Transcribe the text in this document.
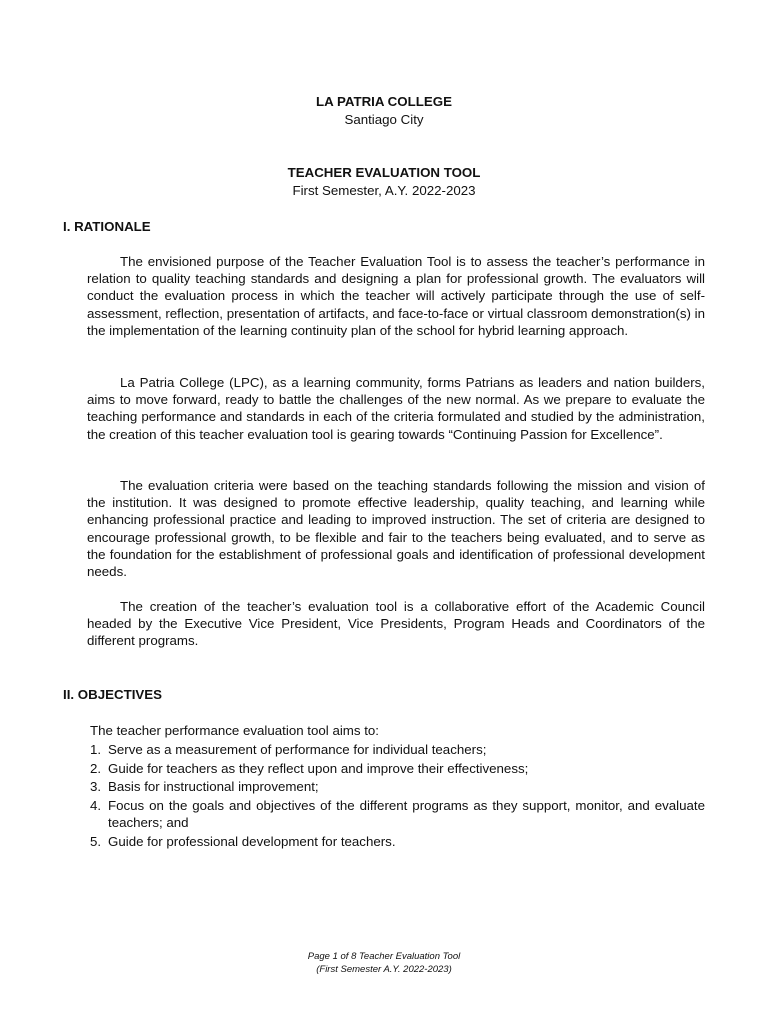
LA PATRIA COLLEGE
Santiago City
TEACHER EVALUATION TOOL
First Semester, A.Y. 2022-2023
I. RATIONALE
The envisioned purpose of the Teacher Evaluation Tool is to assess the teacher’s performance in relation to quality teaching standards and designing a plan for professional growth. The evaluators will conduct the evaluation process in which the teacher will actively participate through the use of self-assessment, reflection, presentation of artifacts, and face-to-face or virtual classroom demonstration(s) in the implementation of the learning continuity plan of the school for hybrid learning approach.
La Patria College (LPC), as a learning community, forms Patrians as leaders and nation builders, aims to move forward, ready to battle the challenges of the new normal. As we prepare to evaluate the teaching performance and standards in each of the criteria formulated and studied by the administration, the creation of this teacher evaluation tool is gearing towards “Continuing Passion for Excellence”.
The evaluation criteria were based on the teaching standards following the mission and vision of the institution. It was designed to promote effective leadership, quality teaching, and learning while enhancing professional practice and leading to improved instruction. The set of criteria are designed to encourage professional growth, to be flexible and fair to the teachers being evaluated, and to serve as the foundation for the establishment of professional goals and identification of professional development needs.
The creation of the teacher’s evaluation tool is a collaborative effort of the Academic Council headed by the Executive Vice President, Vice Presidents, Program Heads and Coordinators of the different programs.
II. OBJECTIVES
The teacher performance evaluation tool aims to:
1. Serve as a measurement of performance for individual teachers;
2. Guide for teachers as they reflect upon and improve their effectiveness;
3. Basis for instructional improvement;
4. Focus on the goals and objectives of the different programs as they support, monitor, and evaluate teachers; and
5. Guide for professional development for teachers.
Page 1 of 8 Teacher Evaluation Tool
(First Semester A.Y. 2022-2023)
